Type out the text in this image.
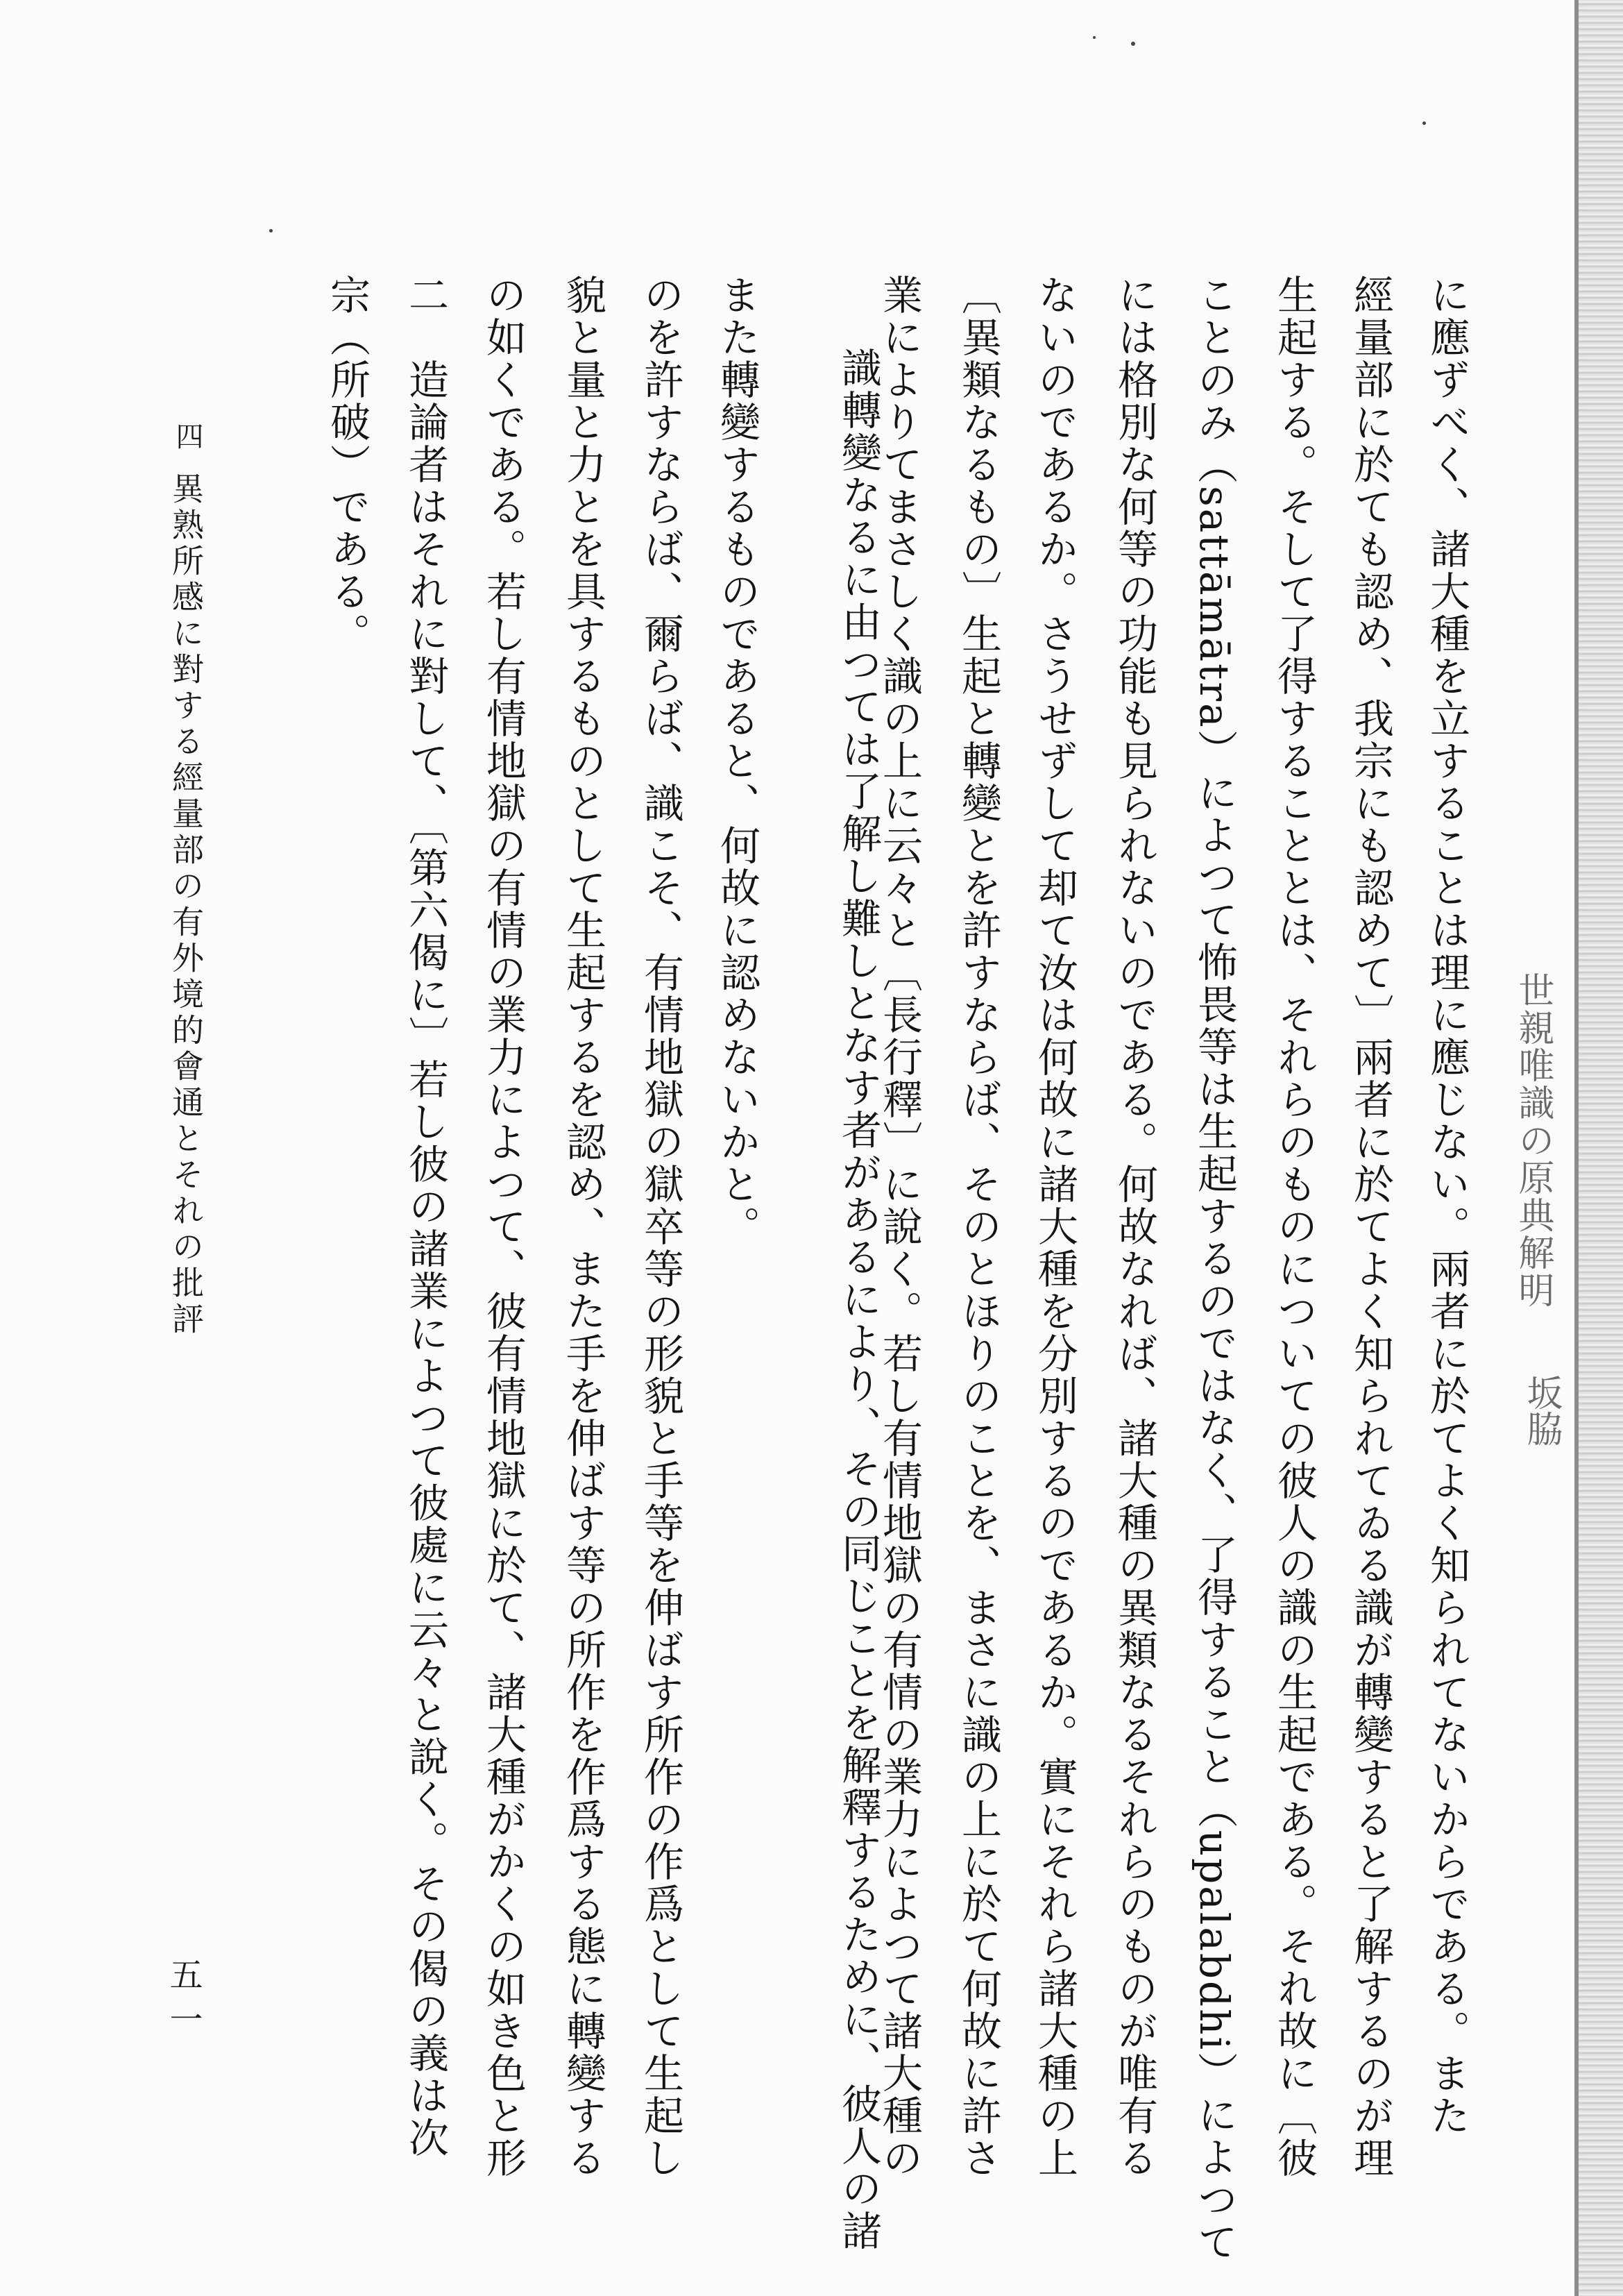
世親唯識の原典解明
坂脇
宗（所破）である。 二　造論者はそれに對して、〔第六偈に〕若し彼の諸業によつて彼處に云々と說く。その偈の義は次 の如くである。若し有情地獄の有情の業力によつて、彼有情地獄に於て、諸大種がかくの如き色と形 貌と量と力とを具するものとして生起するを認め、また手を伸ばす等の所作を作爲する態に轉變する のを許すならば、爾らば、識こそ、有情地獄の獄卒等の形貌と手等を伸ばす所作の作爲として生起し また轉變するものであると、何故に認めないかと。 識轉變なるに由つては了解し難しとなす者があるにより、その同じことを解釋するために、彼人の諸
業によりてまさしく識の上に云々と〔長行釋〕に說く。若し有情地獄の有情の業力によつて諸大種の 〔異類なるもの〕生起と轉變とを許すならば、そのとほりのことを、まさに識の上に於て何故に許さ ないのであるか。さうせずして却て汝は何故に諸大種を分別するのであるか。實にそれら諸大種の上 には格別な何等の功能も見られないのである。何故なれば、諸大種の異類なるそれらのものが唯有る ことのみ（sattāmātra）によつて怖畏等は生起するのではなく、了得すること（upalabdhi）によつて 生起する。そして了得することとは、それらのものについての彼人の識の生起である。それ故に〔彼 經量部に於ても認め、我宗にも認めて〕兩者に於てよく知られてゐる識が轉變すると了解するのが理 に應ずべく、諸大種を立することは理に應じない。兩者に於てよく知られてないからである。また
四
異熟所感に對する經量部の有外境的會通とそれの批評
五一
